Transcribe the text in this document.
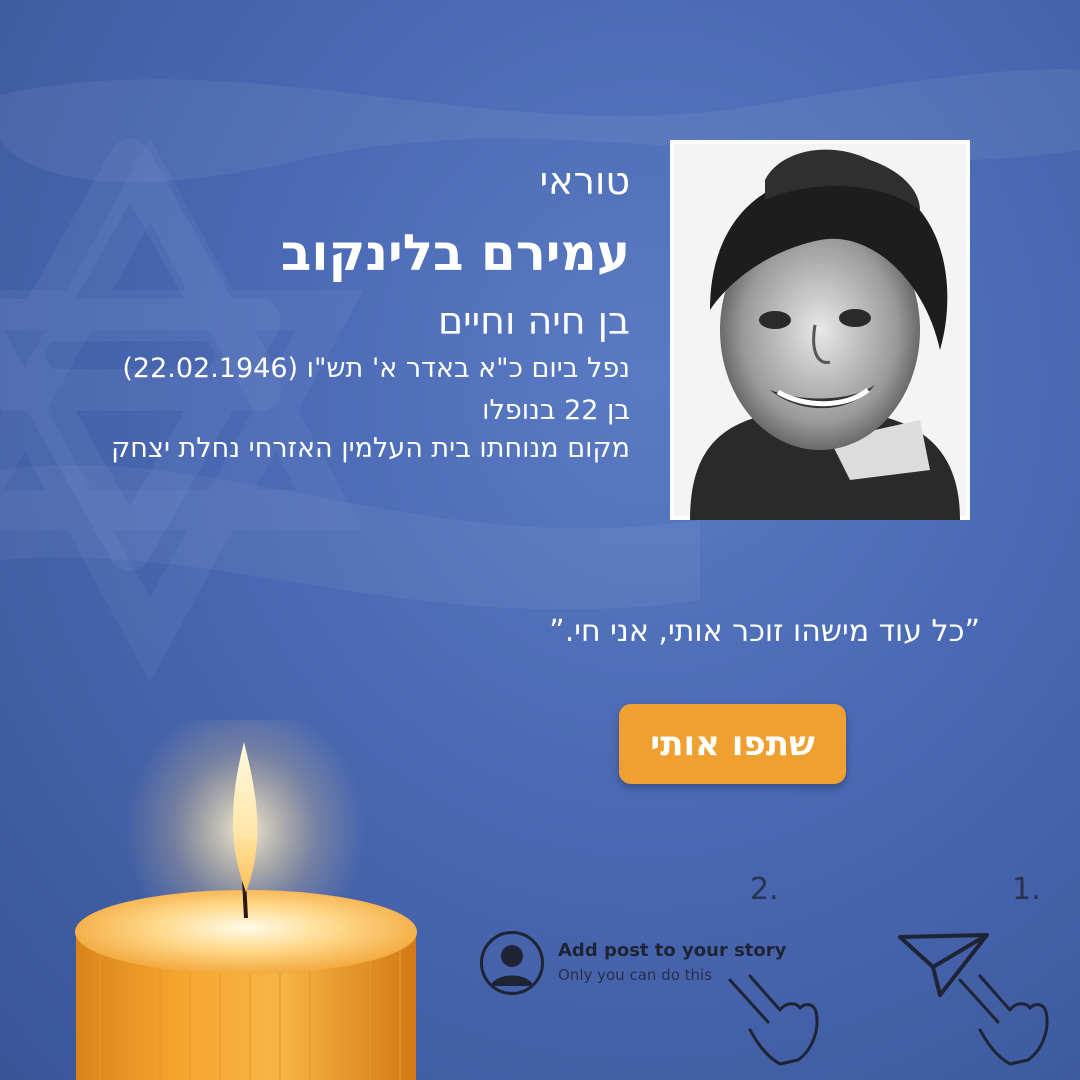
טוראי
עמירם בלינקוב
בן חיה וחיים
נפל ביום כ"א באדר א' תש"ו (22.02.1946)
בן 22 בנופלו
מקום מנוחתו בית העלמין האזרחי נחלת יצחק
”כל עוד מישהו זוכר אותי, אני חי.”
שתפו אותי
2.	1.
Add post to your story
Only you can do this
